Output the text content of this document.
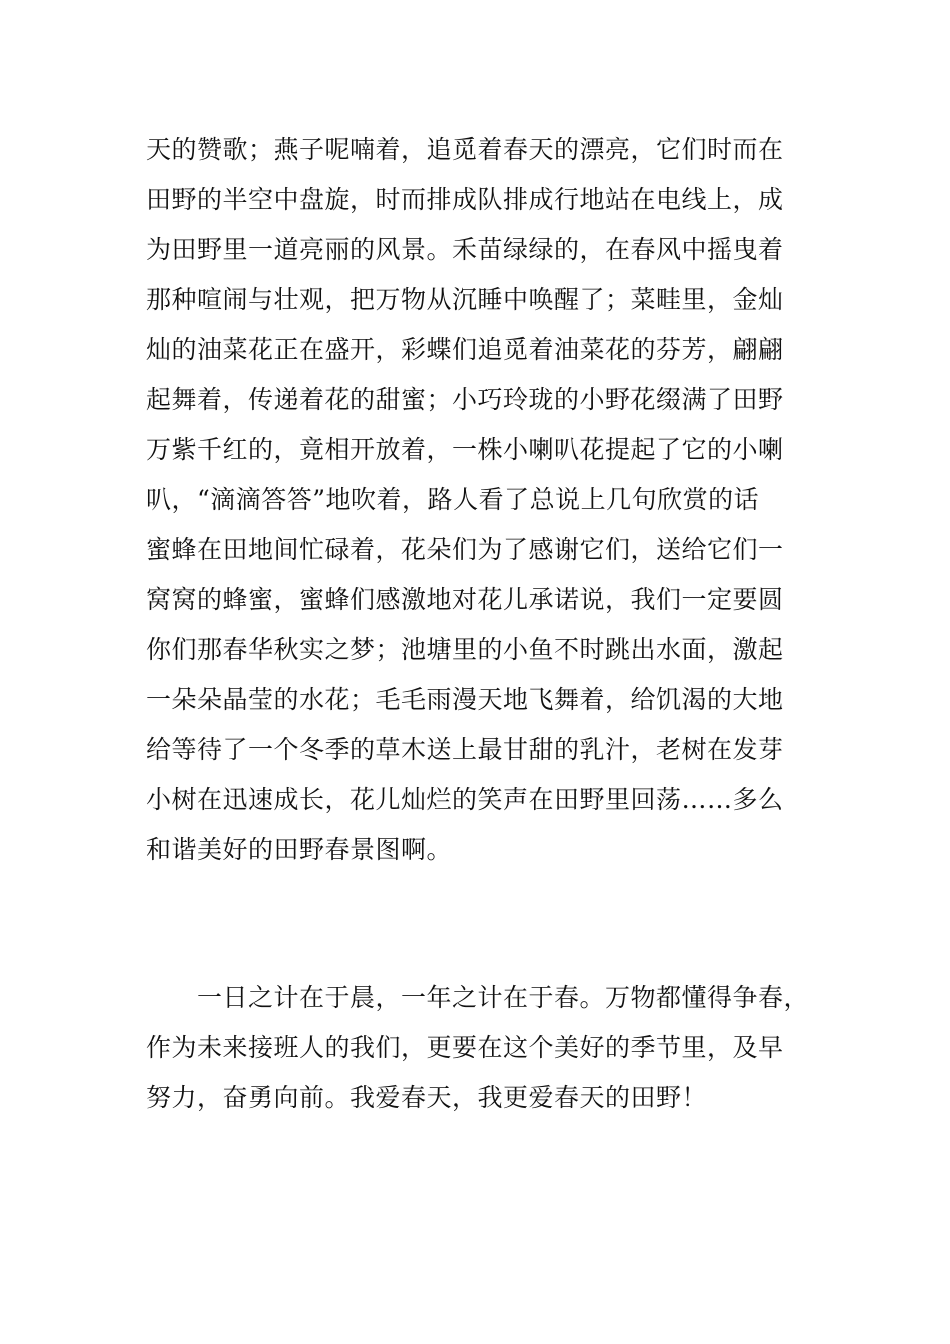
天的赞歌；燕子呢喃着，追觅着春天的漂亮，它们时而在
田野的半空中盘旋，时而排成队排成行地站在电线上，成
为田野里一道亮丽的风景。禾苗绿绿的，在春风中摇曳着
那种喧闹与壮观，把万物从沉睡中唤醒了；菜畦里，金灿
灿的油菜花正在盛开，彩蝶们追觅着油菜花的芬芳，翩翩
起舞着，传递着花的甜蜜；小巧玲珑的小野花缀满了田野
万紫千红的，竟相开放着，一株小喇叭花提起了它的小喇
叭，“滴滴答答”地吹着，路人看了总说上几句欣赏的话
蜜蜂在田地间忙碌着，花朵们为了感谢它们，送给它们一
窝窝的蜂蜜，蜜蜂们感激地对花儿承诺说，我们一定要圆
你们那春华秋实之梦；池塘里的小鱼不时跳出水面，激起
一朵朵晶莹的水花；毛毛雨漫天地飞舞着，给饥渴的大地
给等待了一个冬季的草木送上最甘甜的乳汁，老树在发芽
小树在迅速成长，花儿灿烂的笑声在田野里回荡……多么
和谐美好的田野春景图啊。
　　一日之计在于晨，一年之计在于春。万物都懂得争春，
作为未来接班人的我们，更要在这个美好的季节里，及早
努力，奋勇向前。我爱春天，我更爱春天的田野！
